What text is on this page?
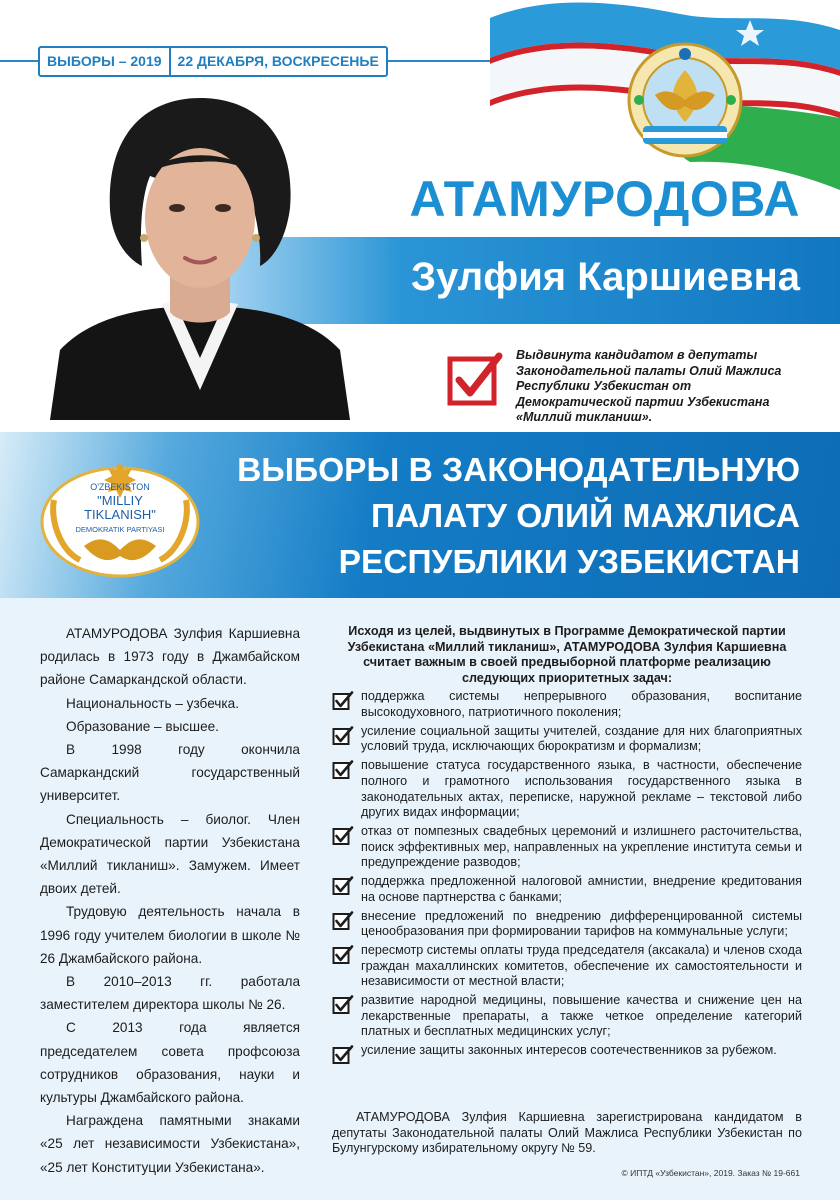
ВЫБОРЫ – 2019	22 ДЕКАБРЯ, ВОСКРЕСЕНЬЕ
АТАМУРОДОВА
Зулфия Каршиевна
Выдвинута кандидатом в депутаты Законодательной палаты Олий Мажлиса Республики Узбекистан от Демократической партии Узбекистана «Миллий тикланиш».
ВЫБОРЫ В ЗАКОНОДАТЕЛЬНУЮ
ПАЛАТУ ОЛИЙ МАЖЛИСА
РЕСПУБЛИКИ УЗБЕКИСТАН
O'ZBEKISTON
"MILLIY
TIKLANISH"
DEMOKRATIK PARTIYASI

АТАМУРОДОВА Зулфия Каршиевна родилась в 1973 году в Джамбайском районе Самаркандской области.

Национальность – узбечка.

Образование – высшее.

В 1998 году окончила Самаркандский государственный университет.

Специальность – биолог. Член Демократической партии Узбекистана «Миллий тикланиш». Замужем. Имеет двоих детей.

Трудовую деятельность начала в 1996 году учителем биологии в школе № 26 Джамбайского района.

В 2010–2013 гг. работала заместителем директора школы № 26.

С 2013 года является председателем совета профсоюза сотрудников образования, науки и культуры Джамбайского района.

Награждена памятными знаками «25 лет независимости Узбекистана», «25 лет Конституции Узбекистана».

Исходя из целей, выдвинутых в Программе Демократической партии Узбекистана «Миллий тикланиш», АТАМУРОДОВА Зулфия Каршиевна считает важным в своей предвыборной платформе реализацию следующих приоритетных задач:
поддержка системы непрерывного образования, воспитание высокодуховного, патриотичного поколения;
усиление социальной защиты учителей, создание для них благоприятных условий труда, исключающих бюрократизм и формализм;
повышение статуса государственного языка, в частности, обеспечение полного и грамотного использования государственного языка в законодательных актах, переписке, наружной рекламе – текстовой либо других видах информации;
отказ от помпезных свадебных церемоний и излишнего расточительства, поиск эффективных мер, направленных на укрепление института семьи и предупреждение разводов;
поддержка предложенной налоговой амнистии, внедрение кредитования на основе партнерства с банками;
внесение предложений по внедрению дифференцированной системы ценообразования при формировании тарифов на коммунальные услуги;
пересмотр системы оплаты труда председателя (аксакала) и членов схода граждан махаллинских комитетов, обеспечение их самостоятельности и независимости от местной власти;
развитие народной медицины, повышение качества и снижение цен на лекарственные препараты, а также четкое определение категорий платных и бесплатных медицинских услуг;
усиление защиты законных интересов соотечественников за рубежом.
АТАМУРОДОВА Зулфия Каршиевна зарегистрирована кандидатом в депутаты Законодательной палаты Олий Мажлиса Республики Узбекистан по Булунгурскому избирательному округу № 59.
© ИПТД «Узбекистан», 2019. Заказ № 19-661
